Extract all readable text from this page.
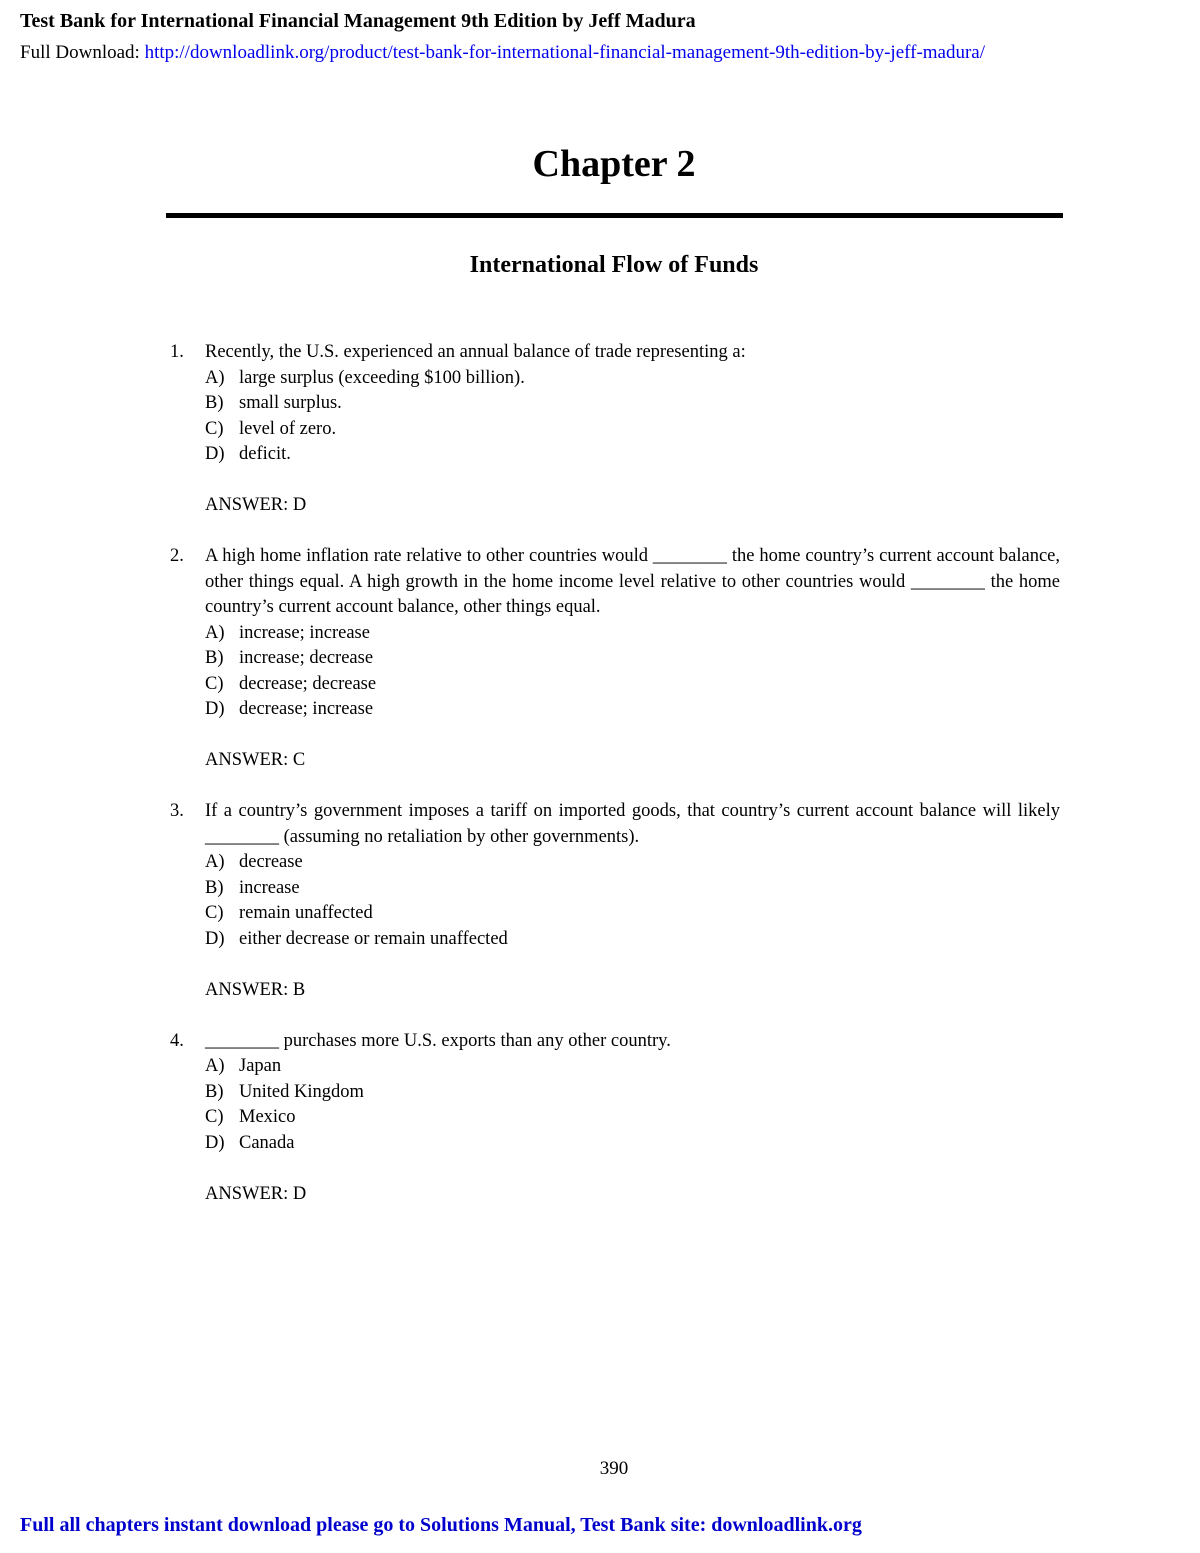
Test Bank for International Financial Management 9th Edition by Jeff Madura
Full Download: http://downloadlink.org/product/test-bank-for-international-financial-management-9th-edition-by-jeff-madura/
Chapter 2
International Flow of Funds
1. Recently, the U.S. experienced an annual balance of trade representing a:
A) large surplus (exceeding $100 billion).
B) small surplus.
C) level of zero.
D) deficit.
ANSWER: D
2. A high home inflation rate relative to other countries would ________ the home country’s current account balance, other things equal. A high growth in the home income level relative to other countries would ________ the home country’s current account balance, other things equal.
A) increase; increase
B) increase; decrease
C) decrease; decrease
D) decrease; increase
ANSWER: C
3. If a country’s government imposes a tariff on imported goods, that country’s current account balance will likely ________ (assuming no retaliation by other governments).
A) decrease
B) increase
C) remain unaffected
D) either decrease or remain unaffected
ANSWER: B
4. ________ purchases more U.S. exports than any other country.
A) Japan
B) United Kingdom
C) Mexico
D) Canada
ANSWER: D
390
Full all chapters instant download please go to Solutions Manual, Test Bank site: downloadlink.org
